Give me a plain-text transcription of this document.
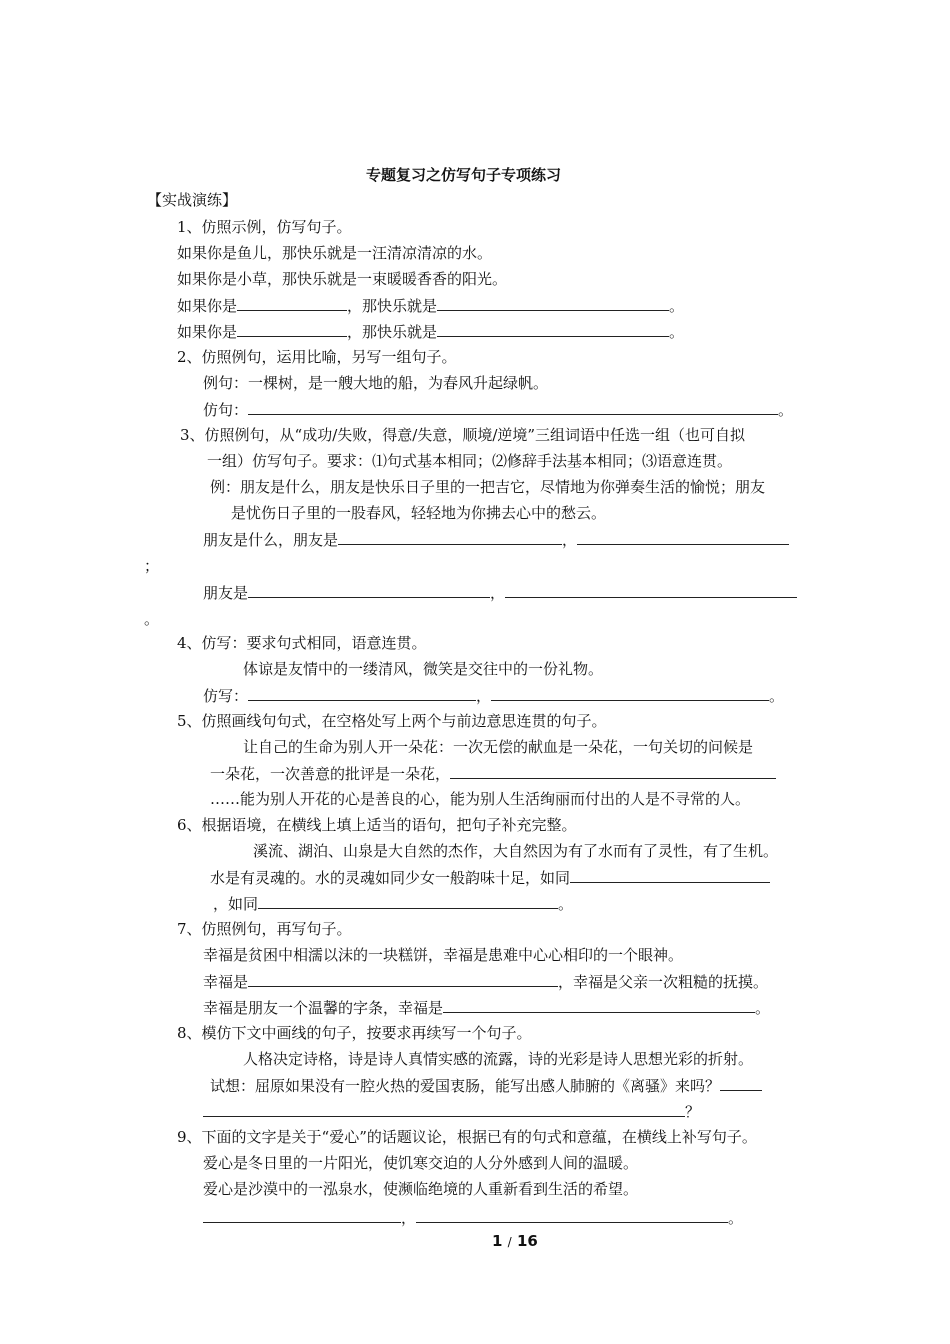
专题复习之仿写句子专项练习
【实战演练】
1、仿照示例，仿写句子。
如果你是鱼儿，那快乐就是一汪清凉清凉的水。
如果你是小草，那快乐就是一束暖暖香香的阳光。
如果你是	，那快乐就是	。
如果你是	，那快乐就是	。
2、仿照例句，运用比喻，另写一组句子。
例句：一棵树，是一艘大地的船，为春风升起绿帆。
仿句：	。
3、仿照例句，从“成功/失败，得意/失意，顺境/逆境”三组词语中任选一组（也可自拟
一组）仿写句子。要求：⑴句式基本相同；⑵修辞手法基本相同；⑶语意连贯。
例：朋友是什么，朋友是快乐日子里的一把吉它，尽情地为你弹奏生活的愉悦；朋友
是忧伤日子里的一股春风，轻轻地为你拂去心中的愁云。
朋友是什么，朋友是	，
；
朋友是	，
。
4、仿写：要求句式相同，语意连贯。
体谅是友情中的一缕清风，微笑是交往中的一份礼物。
仿写：	，	。
5、仿照画线句句式，在空格处写上两个与前边意思连贯的句子。
让自己的生命为别人开一朵花：一次无偿的献血是一朵花，一句关切的问候是
一朵花，一次善意的批评是一朵花，
……能为别人开花的心是善良的心，能为别人生活绚丽而付出的人是不寻常的人。
6、根据语境，在横线上填上适当的语句，把句子补充完整。
溪流、湖泊、山泉是大自然的杰作，大自然因为有了水而有了灵性，有了生机。
水是有灵魂的。水的灵魂如同少女一般韵味十足，如同
，如同	。
7、仿照例句，再写句子。
幸福是贫困中相濡以沫的一块糕饼，幸福是患难中心心相印的一个眼神。
幸福是	，幸福是父亲一次粗糙的抚摸。
幸福是朋友一个温馨的字条，幸福是	。
8、模仿下文中画线的句子，按要求再续写一个句子。
人格决定诗格，诗是诗人真情实感的流露，诗的光彩是诗人思想光彩的折射。
试想：屈原如果没有一腔火热的爱国衷肠，能写出感人肺腑的《离骚》来吗？
？
9、下面的文字是关于“爱心”的话题议论，根据已有的句式和意蕴，在横线上补写句子。
爱心是冬日里的一片阳光，使饥寒交迫的人分外感到人间的温暖。
爱心是沙漠中的一泓泉水，使濒临绝境的人重新看到生活的希望。
，	。
1 / 16
